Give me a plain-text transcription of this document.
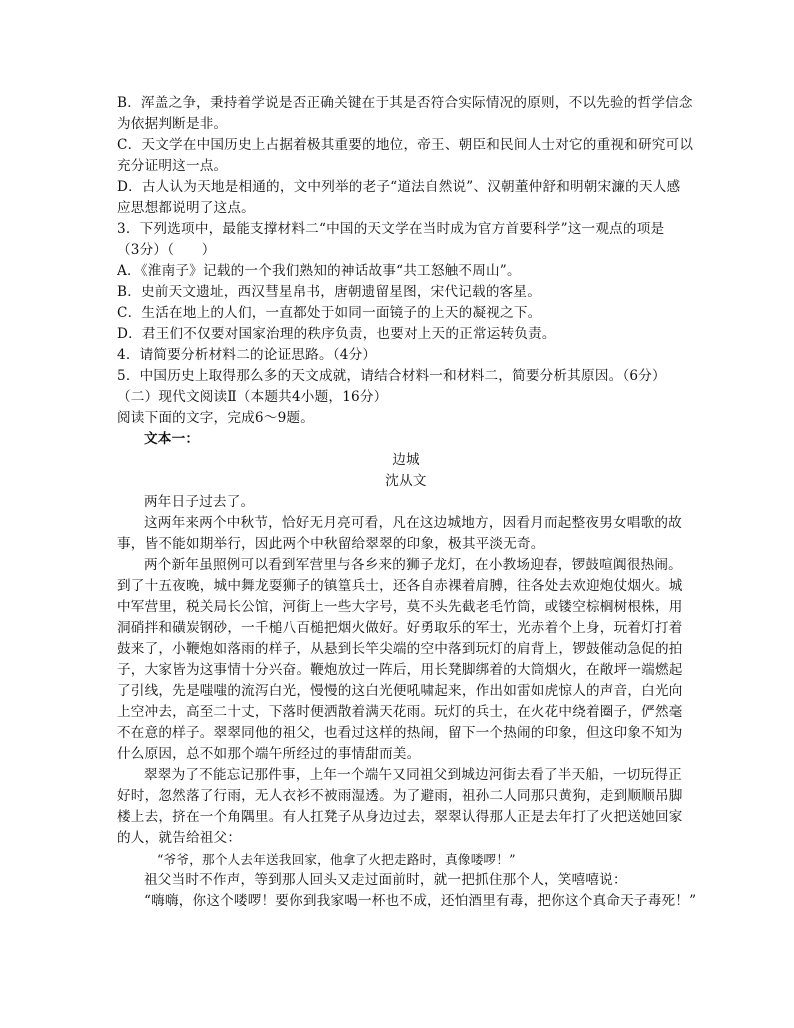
B．浑盖之争，秉持着学说是否正确关键在于其是否符合实际情况的原则，不以先验的哲学信念
为依据判断是非。
C．天文学在中国历史上占据着极其重要的地位，帝王、朝臣和民间人士对它的重视和研究可以
充分证明这一点。
D．古人认为天地是相通的，文中列举的老子“道法自然说”、汉朝董仲舒和明朝宋濂的天人感
应思想都说明了这点。
3．下列选项中，最能支撑材料二“中国的天文学在当时成为官方首要科学”这一观点的项是
（3分）（　　）
A．《淮南子》记载的一个我们熟知的神话故事“共工怒触不周山”。
B．史前天文遗址，西汉彗星帛书，唐朝遗留星图，宋代记载的客星。
C．生活在地上的人们，一直都处于如同一面镜子的上天的凝视之下。
D．君王们不仅要对国家治理的秩序负责，也要对上天的正常运转负责。
4．请简要分析材料二的论证思路。（4分）
5．中国历史上取得那么多的天文成就，请结合材料一和材料二，简要分析其原因。（6分）
（二）现代文阅读Ⅱ（本题共4小题，16分）
阅读下面的文字，完成6～9题。
文本一：
边城
沈从文
两年日子过去了。
这两年来两个中秋节，恰好无月亮可看，凡在这边城地方，因看月而起整夜男女唱歌的故
事，皆不能如期举行，因此两个中秋留给翠翠的印象，极其平淡无奇。
两个新年虽照例可以看到军营里与各乡来的狮子龙灯，在小教场迎春，锣鼓喧阗很热闹。
到了十五夜晚，城中舞龙耍狮子的镇篁兵士，还各自赤裸着肩膊，往各处去欢迎炮仗烟火。城
中军营里，税关局长公馆，河街上一些大字号，莫不头先截老毛竹筒，或镂空棕榈树根株，用
洞硝拌和磺炭钢砂，一千槌八百槌把烟火做好。好勇取乐的军士，光赤着个上身，玩着灯打着
鼓来了，小鞭炮如落雨的样子，从悬到长竿尖端的空中落到玩灯的肩背上，锣鼓催动急促的拍
子，大家皆为这事情十分兴奋。鞭炮放过一阵后，用长凳脚绑着的大筒烟火，在敞坪一端燃起
了引线，先是嗤嗤的流泻白光，慢慢的这白光便吼啸起来，作出如雷如虎惊人的声音，白光向
上空冲去，高至二十丈，下落时便洒散着满天花雨。玩灯的兵士，在火花中绕着圈子，俨然毫
不在意的样子。翠翠同他的祖父，也看过这样的热闹，留下一个热闹的印象，但这印象不知为
什么原因，总不如那个端午所经过的事情甜而美。
翠翠为了不能忘记那件事，上年一个端午又同祖父到城边河街去看了半天船，一切玩得正
好时，忽然落了行雨，无人衣衫不被雨湿透。为了避雨，祖孙二人同那只黄狗，走到顺顺吊脚
楼上去，挤在一个角隅里。有人扛凳子从身边过去，翠翠认得那人正是去年打了火把送她回家
的人，就告给祖父：
“爷爷，那个人去年送我回家，他拿了火把走路时，真像喽啰！”
祖父当时不作声，等到那人回头又走过面前时，就一把抓住那个人，笑嘻嘻说：
“嗨嗨，你这个喽啰！要你到我家喝一杯也不成，还怕酒里有毒，把你这个真命天子毒死！”
